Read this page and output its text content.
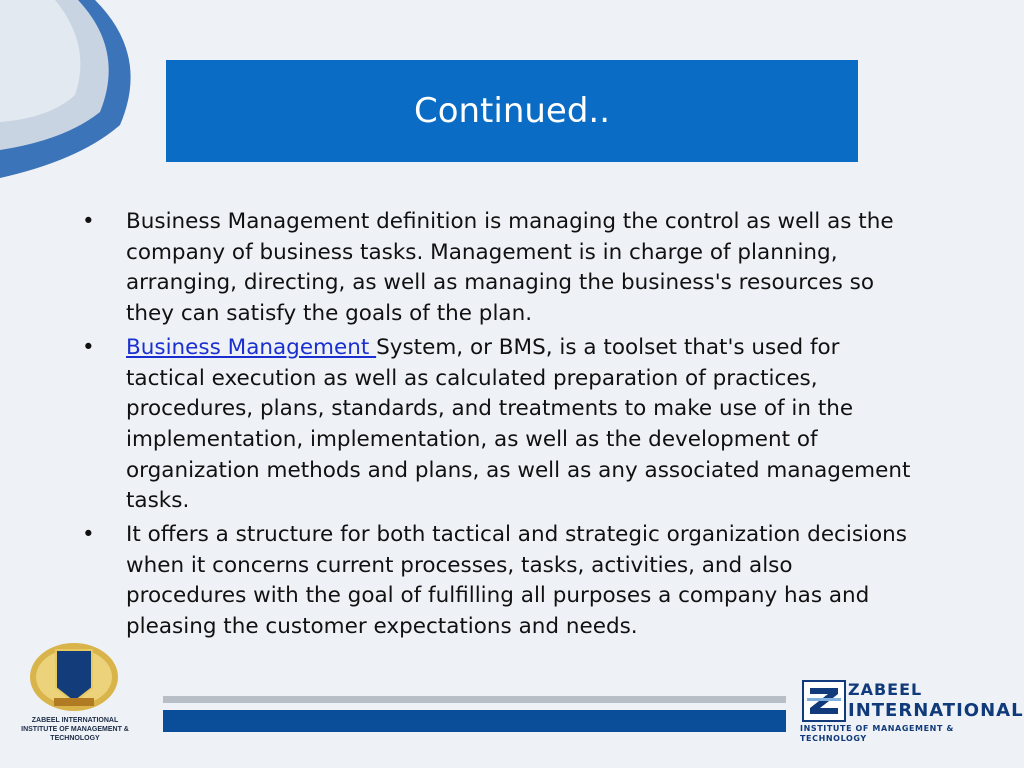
Continued..
•	Business Management definition is managing the control as well as the company of business tasks. Management is in charge of planning, arranging, directing, as well as managing the business's resources so they can satisfy the goals of the plan.
•	Business Management System, or BMS, is a toolset that's used for tactical execution as well as calculated preparation of practices, procedures, plans, standards, and treatments to make use of in the implementation, implementation, as well as the development of organization methods and plans, as well as any associated management tasks.
•	It offers a structure for both tactical and strategic organization decisions when it concerns current processes, tasks, activities, and also procedures with the goal of fulfilling all purposes a company has and pleasing the customer expectations and needs.
ZABEEL INTERNATIONAL
INSTITUTE OF MANAGEMENT & TECHNOLOGY
ZABEEL
INTERNATIONAL
INSTITUTE OF MANAGEMENT & TECHNOLOGY
